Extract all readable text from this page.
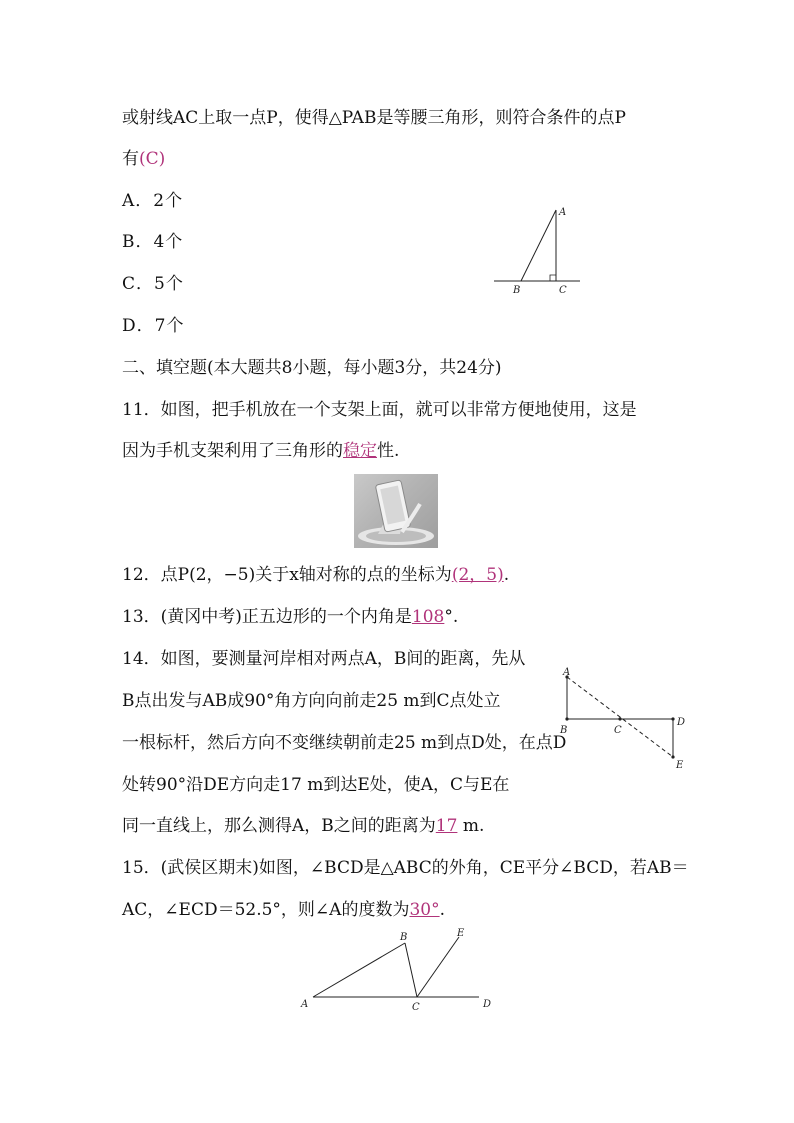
或射线AC上取一点P，使得△PAB是等腰三角形，则符合条件的点P
有(C)
A．2个
B．4个
C．5个
D．7个
A
B	C
二、填空题(本大题共8小题，每小题3分，共24分)
11．如图，把手机放在一个支架上面，就可以非常方便地使用，这是
因为手机支架利用了三角形的稳定性.
12．点P(2，−5)关于x轴对称的点的坐标为(2，5).
13．(黄冈中考)正五边形的一个内角是108°.
14．如图，要测量河岸相对两点A，B间的距离，先从
B点出发与AB成90°角方向向前走25 m到C点处立
一根标杆，然后方向不变继续朝前走25 m到点D处，在点D
处转90°沿DE方向走17 m到达E处，使A，C与E在
同一直线上，那么测得A，B之间的距离为17 m.
A
B	C
D
E
15．(武侯区期末)如图，∠BCD是△ABC的外角，CE平分∠BCD，若AB＝
AC，∠ECD＝52.5°，则∠A的度数为30°.
A
B
C	D
E
